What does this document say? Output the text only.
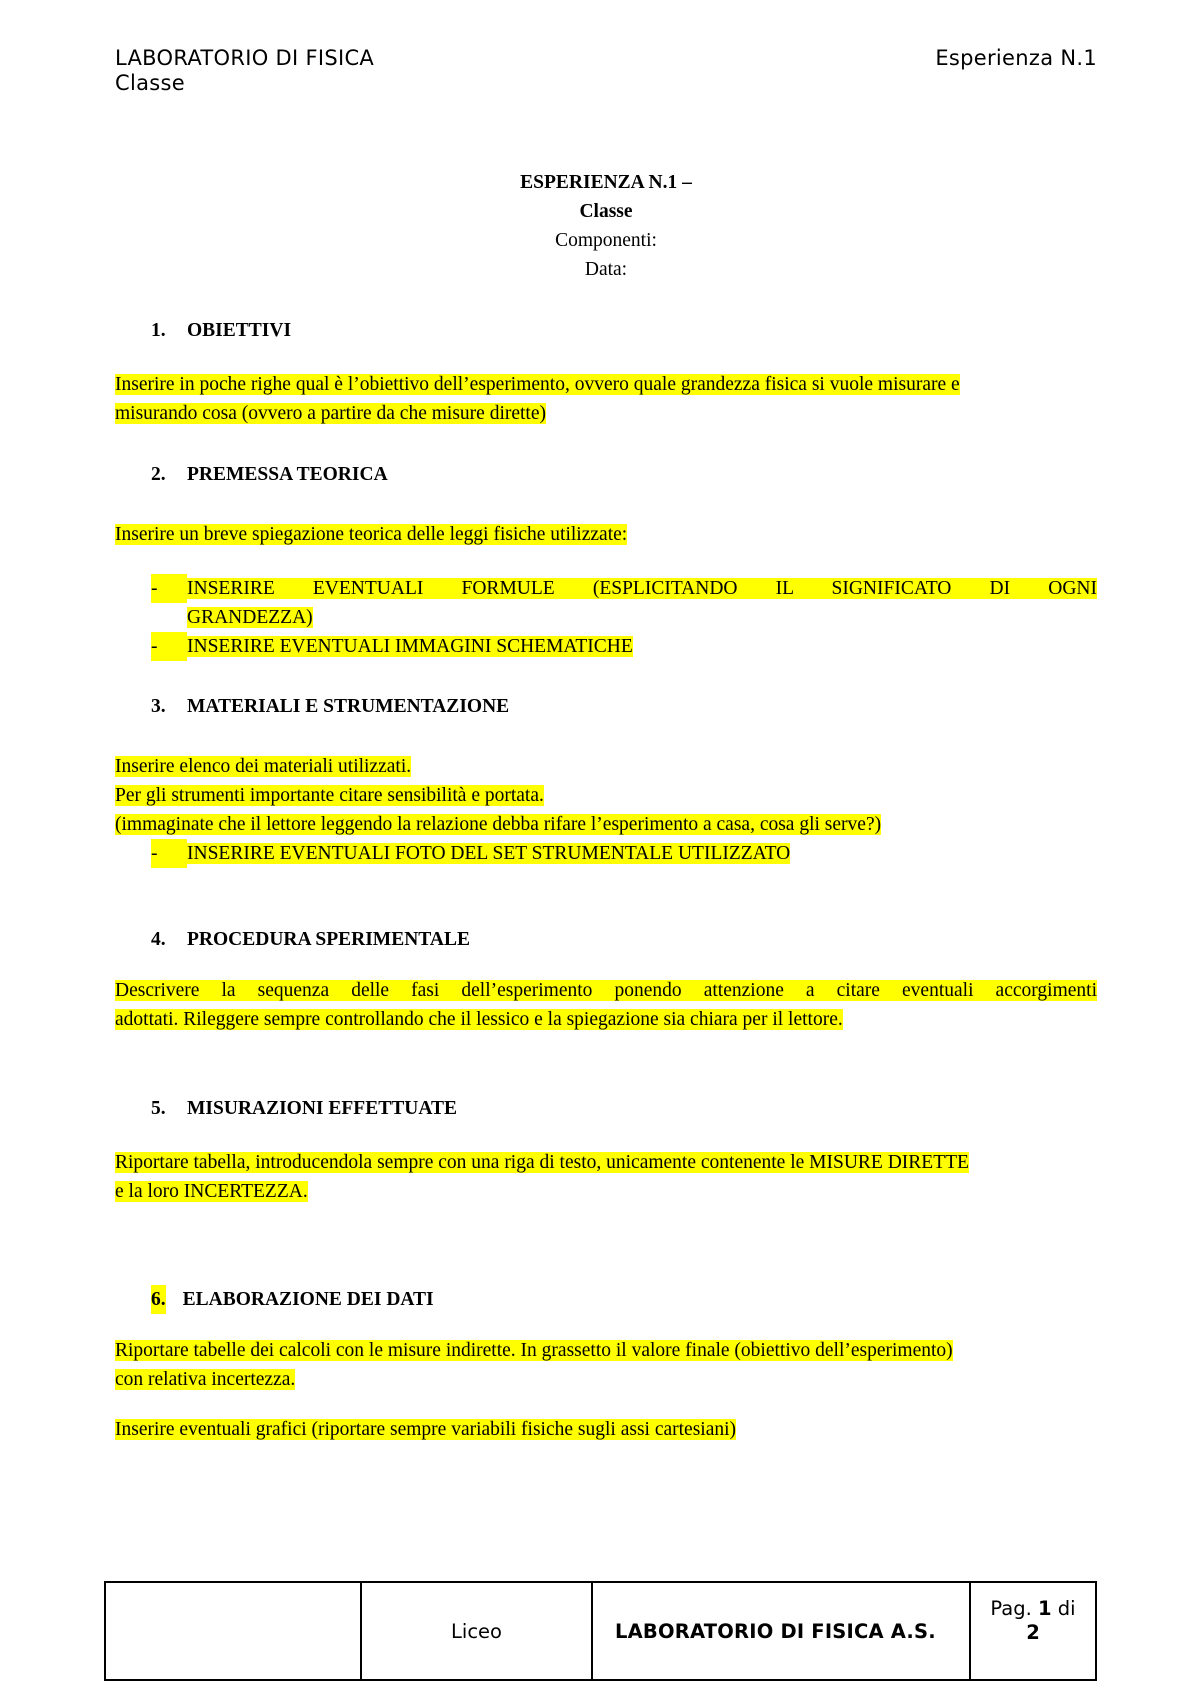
LABORATORIO DI FISICA
Classe
Esperienza N.1
ESPERIENZA N.1 –
Classe
Componenti:
Data:
1. OBIETTIVI
Inserire in poche righe qual è l’obiettivo dell’esperimento, ovvero quale grandezza fisica si vuole misurare e
misurando cosa (ovvero a partire da che misure dirette)
2. PREMESSA TEORICA
Inserire un breve spiegazione teorica delle leggi fisiche utilizzate:
-	INSERIRE EVENTUALI FORMULE (ESPLICITANDO IL SIGNIFICATO DI OGNI
GRANDEZZA)
-	INSERIRE EVENTUALI IMMAGINI SCHEMATICHE
3. MATERIALI E STRUMENTAZIONE
Inserire elenco dei materiali utilizzati.
Per gli strumenti importante citare sensibilità e portata.
(immaginate che il lettore leggendo la relazione debba rifare l’esperimento a casa, cosa gli serve?)
-	INSERIRE EVENTUALI FOTO DEL SET STRUMENTALE UTILIZZATO
4. PROCEDURA SPERIMENTALE
Descrivere la sequenza delle fasi dell’esperimento ponendo attenzione a citare eventuali accorgimenti
adottati. Rileggere sempre controllando che il lessico e la spiegazione sia chiara per il lettore.
5. MISURAZIONI EFFETTUATE
Riportare tabella, introducendola sempre con una riga di testo, unicamente contenente le MISURE DIRETTE
e la loro INCERTEZZA.
6. ELABORAZIONE DEI DATI
Riportare tabelle dei calcoli con le misure indirette. In grassetto il valore finale (obiettivo dell’esperimento)
con relativa incertezza.
Inserire eventuali grafici (riportare sempre variabili fisiche sugli assi cartesiani)
Liceo	LABORATORIO DI FISICA A.S.
Pag. 1 di
2
